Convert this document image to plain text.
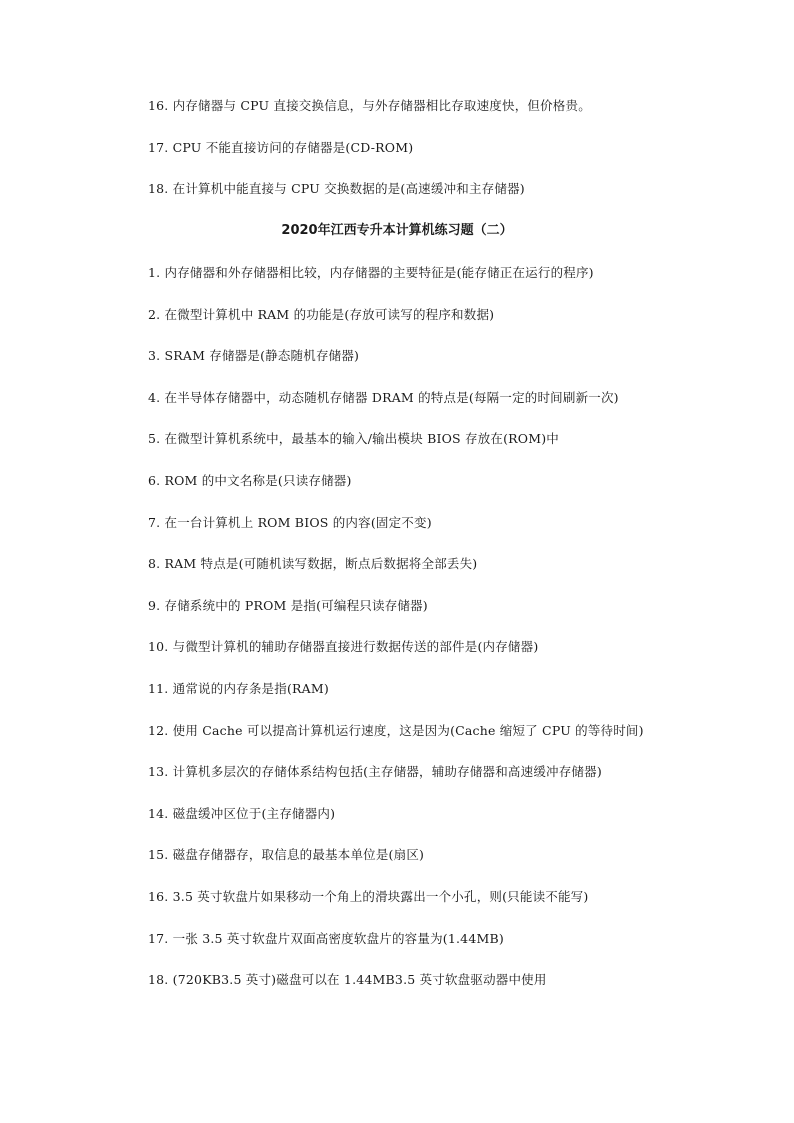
16. 内存储器与 CPU 直接交换信息，与外存储器相比存取速度快，但价格贵。
17. CPU 不能直接访问的存储器是(CD-ROM)
18. 在计算机中能直接与 CPU 交换数据的是(高速缓冲和主存储器)
2020年江西专升本计算机练习题（二）
1. 内存储器和外存储器相比较，内存储器的主要特征是(能存储正在运行的程序)
2. 在微型计算机中 RAM 的功能是(存放可读写的程序和数据)
3. SRAM 存储器是(静态随机存储器)
4. 在半导体存储器中，动态随机存储器 DRAM 的特点是(每隔一定的时间刷新一次)
5. 在微型计算机系统中，最基本的输入/输出模块 BIOS 存放在(ROM)中
6. ROM 的中文名称是(只读存储器)
7. 在一台计算机上 ROM BIOS 的内容(固定不变)
8. RAM 特点是(可随机读写数据，断点后数据将全部丢失)
9. 存储系统中的 PROM 是指(可编程只读存储器)
10. 与微型计算机的辅助存储器直接进行数据传送的部件是(内存储器)
11. 通常说的内存条是指(RAM)
12. 使用 Cache 可以提高计算机运行速度，这是因为(Cache 缩短了 CPU 的等待时间)
13. 计算机多层次的存储体系结构包括(主存储器，辅助存储器和高速缓冲存储器)
14. 磁盘缓冲区位于(主存储器内)
15. 磁盘存储器存，取信息的最基本单位是(扇区)
16. 3.5 英寸软盘片如果移动一个角上的滑块露出一个小孔，则(只能读不能写)
17. 一张 3.5 英寸软盘片双面高密度软盘片的容量为(1.44MB)
18. (720KB3.5 英寸)磁盘可以在 1.44MB3.5 英寸软盘驱动器中使用
